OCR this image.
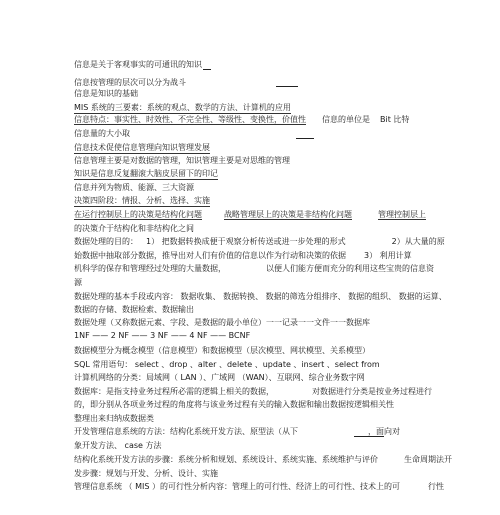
信息是关于客观事实的可通讯的知识
信息按管理的层次可以分为战斗
信息是知识的基础
MIS 系统的三要素：系统的观点、数学的方法、计算机的应用
信息特点：事实性、时效性、不完全性、等级性、变换性，价值性 信息的单位是 Bit 比特
信息量的大小取
信息技术促使信息管理向知识管理发展
信息管理主要是对数据的管理，知识管理主要是对思维的管理
知识是信息反复翻滚大脑皮层留下的印记
信息并列为物质、能源、三大资源
决策四阶段：情报、分析、选择、实施
在运行控制层上的决策是结构化问题	战略管理层上的决策是非结构化问题	管理控制层上
的决策介于结构化和非结构化之间
数据处理的目的： 1） 把数据转换成便于观察分析传送或进一步处理的形式	2）从大量的原
始数据中抽取部分数据，推导出对人们有价值的信息以作为行动和决策的依据 3） 利用计算
机科学的保存和管理经过处理的大量数据，	以便人们能方便而充分的利用这些宝贵的信息资
源
数据处理的基本手段或内容： 数据收集、 数据转换、 数据的筛选分组排序、 数据的组织、 数据的运算、
数据的存储、数据检索、数据输出
数据处理（又称数据元素、字段、是数据的最小单位）一一记录一一文件一一数据库
1NF —— 2 NF —— 3 NF —— 4 NF —— BCNF
数据模型分为概念模型（信息模型）和数据模型（层次模型、网状模型、关系模型）
SQL 常用语句： select 、drop 、alter 、delete 、update 、insert 、select from
计算机网络的分类：局域网（ LAN ）、广域网 （WAN）、互联网、综合业务数字网
数据库：是指支持业务过程所必需的逻辑上相关的数据，	对数据进行分类是按业务过程进行
的，即分别从各项业务过程的角度将与该业务过程有关的输入数据和输出数据按逻辑相关性
整理出来归纳成数据类
开发管理信息系统的方法：结构化系统开发方法、原型法（从下	，面向对
象开发方法、 case 方法
结构化系统开发方法的步骤：系统分析和规划、系统设计、系统实施、系统维护与评价	生命周期法开
发步骤：规划与开发、分析、设计、实施
管理信息系统 （ MIS ）的可行性分析内容：管理上的可行性、经济上的可行性、技术上的可	行性
